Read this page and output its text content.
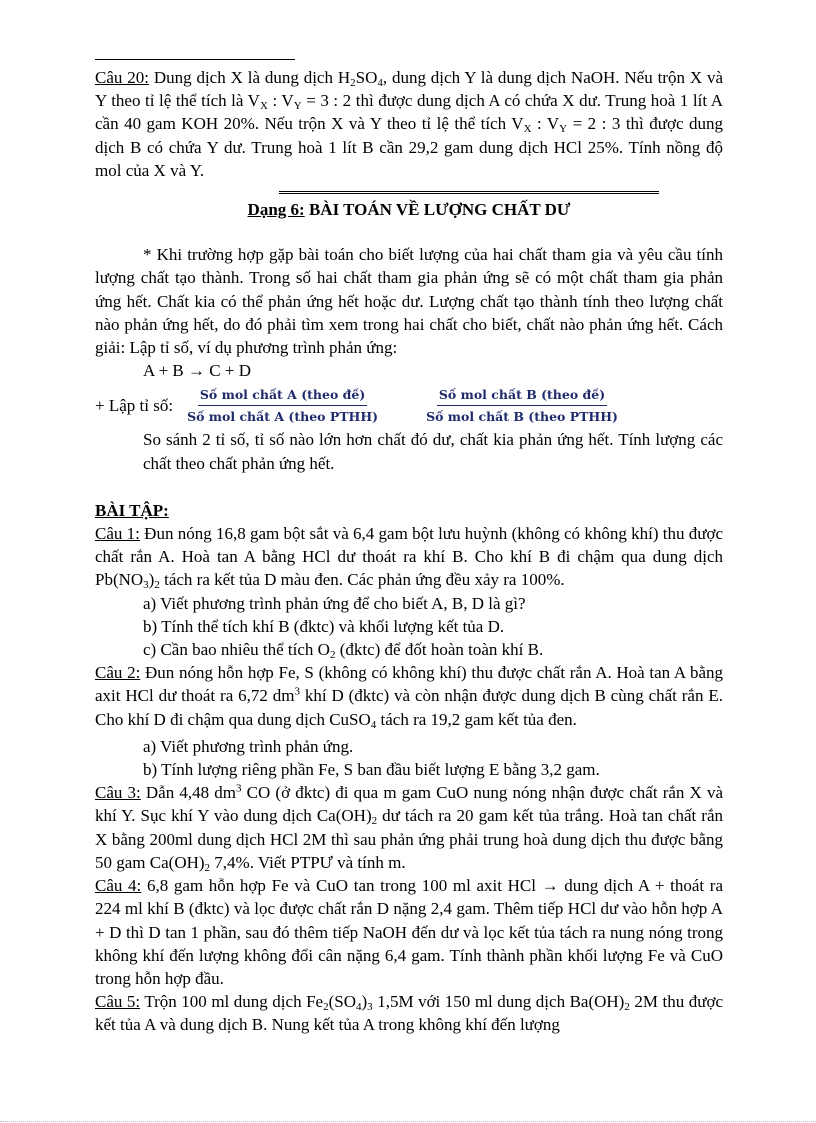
Câu 20: Dung dịch X là dung dịch $H_2SO_4$, dung dịch Y là dung dịch NaOH. Nếu trộn X và Y theo tỉ lệ thể tích là $V_X$ : $V_Y = 3$ : 2 thì được dung dịch A có chứa X dư. Trung hoà 1 lít A cần 40 gam KOH 20%. Nếu trộn X và Y theo tỉ lệ thể tích $V_X$ : $V_Y = 2$ : 3 thì được dung dịch B có chứa Y dư. Trung hoà 1 lít B cần 29,2 gam dung dịch HCl 25%. Tính nồng độ mol của X và Y.

Dạng 6: BÀI TOÁN VỀ LƯỢNG CHẤT DƯ

* Khi trường hợp gặp bài toán cho biết lượng của hai chất tham gia và yêu cầu tính lượng chất tạo thành. Trong số hai chất tham gia phản ứng sẽ có một chất tham gia phản ứng hết. Chất kia có thể phản ứng hết hoặc dư. Lượng chất tạo thành tính theo lượng chất nào phản ứng hết, do đó phải tìm xem trong hai chất cho biết, chất nào phản ứng hết. Cách giải: Lập tỉ số, ví dụ phương trình phản ứng:

A + B → C + D

+ Lập tỉ số: $\frac{\text{Số mol chất A (theo đề)}}{\text{Số mol chất A (theo PTHH)}}$	$\frac{\text{Số mol chất B (theo đề)}}{\text{Số mol chất B (theo PTHH)}}$

So sánh 2 tỉ số, tỉ số nào lớn hơn chất đó dư, chất kia phản ứng hết. Tính lượng các chất theo chất phản ứng hết.

BÀI TẬP:

Câu 1: Đun nóng 16,8 gam bột sắt và 6,4 gam bột lưu huỳnh (không có không khí) thu được chất rắn A. Hoà tan A bằng HCl dư thoát ra khí B. Cho khí B đi chậm qua dung dịch $Pb(NO_3)_2$ tách ra kết tủa D màu đen. Các phản ứng đều xảy ra 100%.

a) Viết phương trình phản ứng để cho biết A, B, D là gì?
b) Tính thể tích khí B (đktc) và khối lượng kết tủa D.
c) Cần bao nhiêu thể tích $O_2$ (đktc) để đốt hoàn toàn khí B.

Câu 2: Đun nóng hỗn hợp Fe, S (không có không khí) thu được chất rắn A. Hoà tan A bằng axit HCl dư thoát ra 6,72 $dm^3$ khí D (đktc) và còn nhận được dung dịch B cùng chất rắn E. Cho khí D đi chậm qua dung dịch CuSO$_4$ tách ra 19,2 gam kết tủa đen.

a) Viết phương trình phản ứng.
b) Tính lượng riêng phần Fe, S ban đầu biết lượng E bằng 3,2 gam.

Câu 3: Dẫn 4,48 $dm^3$ CO (ở đktc) đi qua m gam CuO nung nóng nhận được chất rắn X và khí Y. Sục khí Y vào dung dịch $Ca(OH)_2$ dư tách ra 20 gam kết tủa trắng. Hoà tan chất rắn X bằng 200ml dung dịch HCl 2M thì sau phản ứng phải trung hoà dung dịch thu được bằng 50 gam $Ca(OH)_2$ 7,4%. Viết PTPƯ và tính m.

Câu 4: 6,8 gam hỗn hợp Fe và CuO tan trong 100 ml axit HCl → dung dịch A + thoát ra 224 ml khí B (đktc) và lọc được chất rắn D nặng 2,4 gam. Thêm tiếp HCl dư vào hỗn hợp A + D thì D tan 1 phần, sau đó thêm tiếp NaOH đến dư và lọc kết tủa tách ra nung nóng trong không khí đến lượng không đổi cân nặng 6,4 gam. Tính thành phần khối lượng Fe và CuO trong hỗn hợp đầu.

Câu 5: Trộn 100 ml dung dịch $Fe_2(SO_4)_3$ 1,5M với 150 ml dung dịch $Ba(OH)_2$ 2M thu được kết tủa A và dung dịch B. Nung kết tủa A trong không khí đến lượng
